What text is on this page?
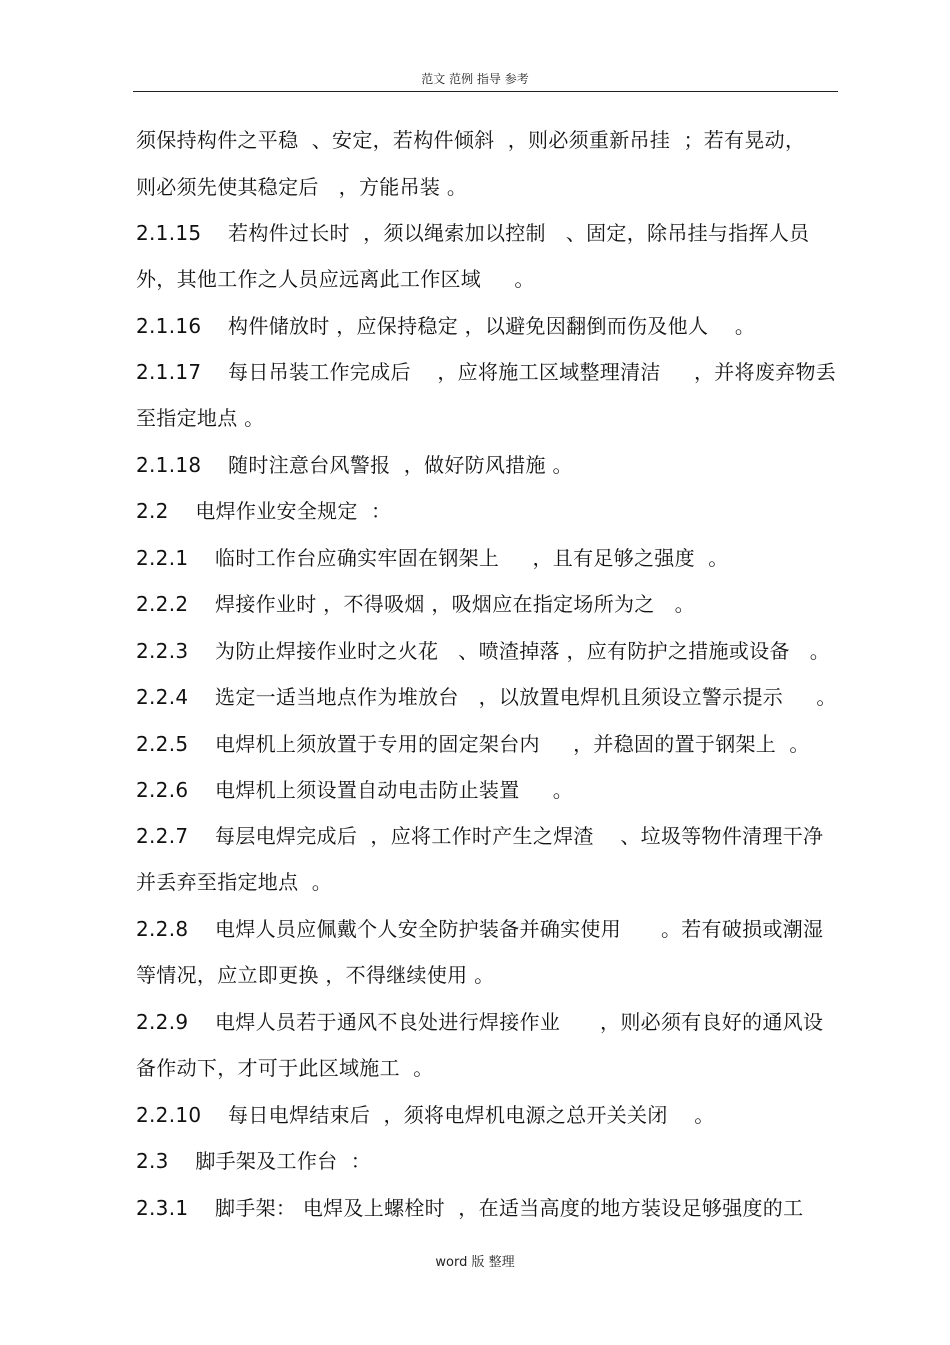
范文 范例 指导 参考
须保持构件之平稳  、安定，若构件倾斜  ，则必须重新吊挂  ；若有晃动，
则必须先使其稳定后   ，方能吊装 。
2.1.15    若构件过长时  ，须以绳索加以控制   、固定，除吊挂与指挥人员
外，其他工作之人员应远离此工作区域     。
2.1.16    构件储放时 ，应保持稳定 ，以避免因翻倒而伤及他人    。
2.1.17    每日吊装工作完成后    ，应将施工区域整理清洁     ，并将废弃物丢
至指定地点 。
2.1.18    随时注意台风警报  ，做好防风措施 。
2.2    电焊作业安全规定  ：
2.2.1    临时工作台应确实牢固在钢架上     ，且有足够之强度  。
2.2.2    焊接作业时 ，不得吸烟 ，吸烟应在指定场所为之   。
2.2.3    为防止焊接作业时之火花   、喷渣掉落 ，应有防护之措施或设备   。
2.2.4    选定一适当地点作为堆放台   ，以放置电焊机且须设立警示提示     。
2.2.5    电焊机上须放置于专用的固定架台内     ，并稳固的置于钢架上  。
2.2.6    电焊机上须设置自动电击防止装置     。
2.2.7    每层电焊完成后  ，应将工作时产生之焊渣    、垃圾等物件清理干净
并丢弃至指定地点  。
2.2.8    电焊人员应佩戴个人安全防护装备并确实使用      。若有破损或潮湿
等情况，应立即更换 ，不得继续使用 。
2.2.9    电焊人员若于通风不良处进行焊接作业      ，则必须有良好的通风设
备作动下，才可于此区域施工  。
2.2.10    每日电焊结束后  ，须将电焊机电源之总开关关闭    。
2.3    脚手架及工作台  ：
2.3.1    脚手架： 电焊及上螺栓时  ，在适当高度的地方装设足够强度的工
word 版 整理
